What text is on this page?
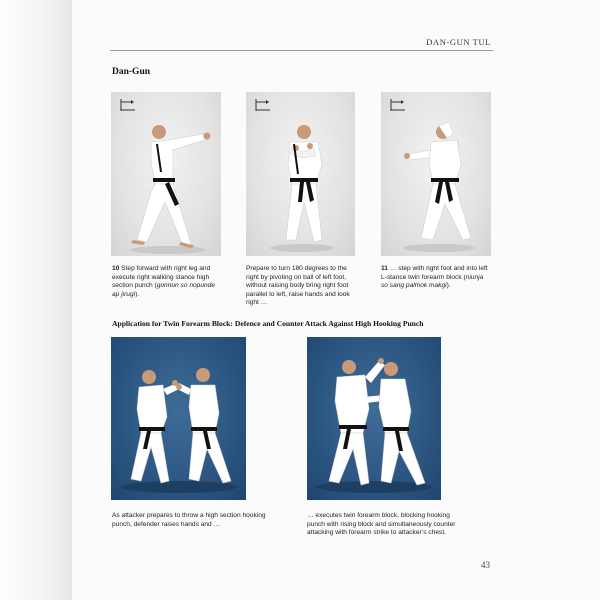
DAN-GUN TUL
Dan-Gun
10 Step forward with right leg and execute right walking stance high section punch (gunnun so nopunde ap jirugi).
Prepare to turn 180 degrees to the right by pivoting on ball of left foot, without raising body bring right foot parallel to left, raise hands and look right …
11 … step with right foot and into left L-stance twin forearm block (niunja so sang palmok makgi).
Application for Twin Forearm Block: Defence and Counter Attack Against High Hooking Punch
As attacker prepares to throw a high section hooking punch, defender raises hands and …
… executes twin forearm block, blocking hooking punch with rising block and simultaneously counter attacking with forearm strike to attacker’s chest.
43
